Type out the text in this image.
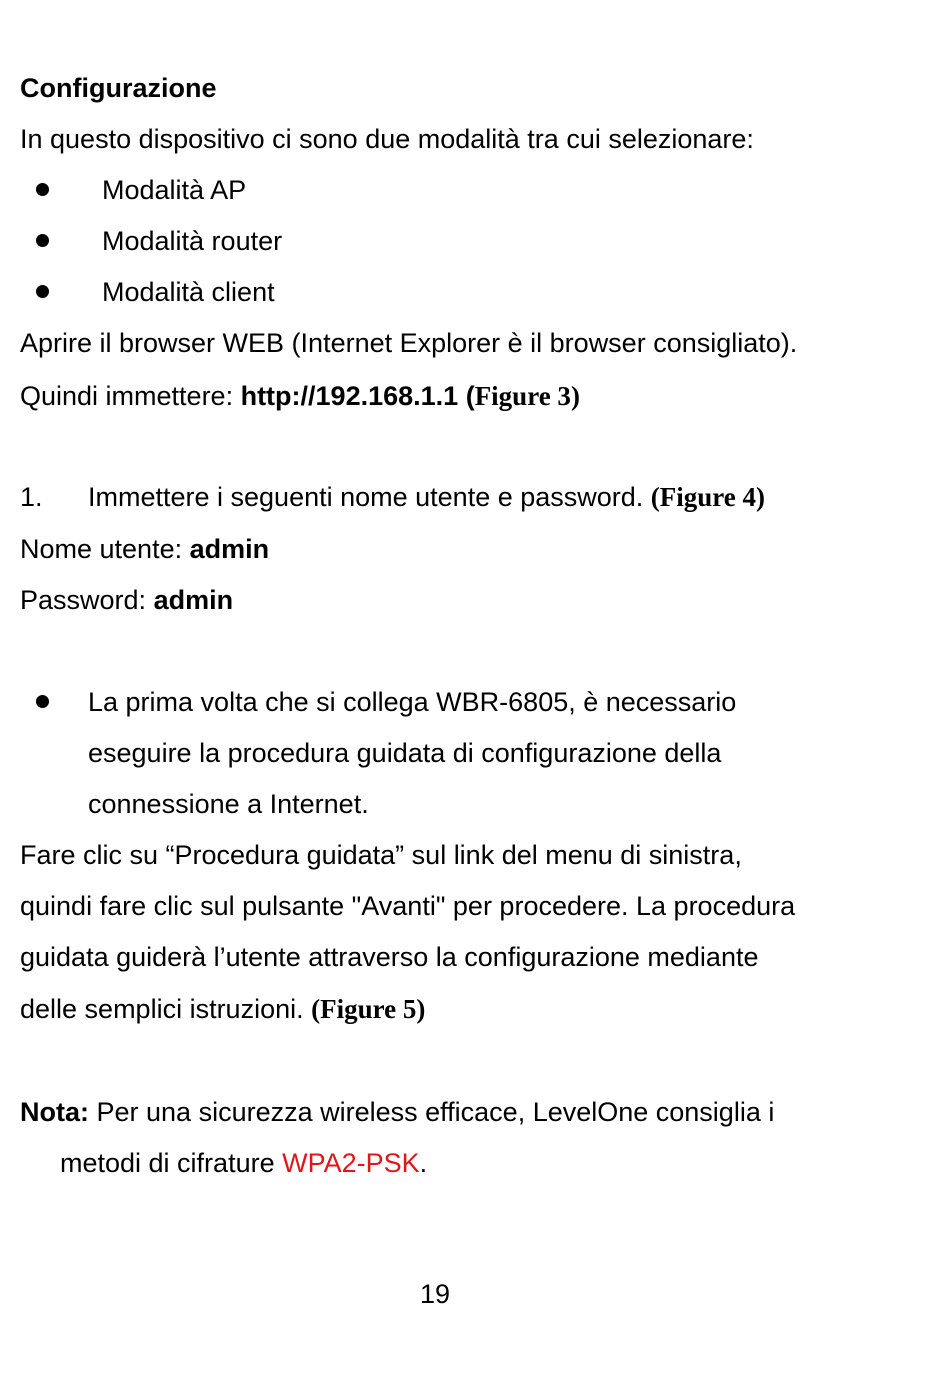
Configurazione
In questo dispositivo ci sono due modalità tra cui selezionare:
Modalità AP
Modalità router
Modalità client
Aprire il browser WEB (Internet Explorer è il browser consigliato).
Quindi immettere: http://192.168.1.1 (Figure 3)
1. Immettere i seguenti nome utente e password. (Figure 4)
Nome utente: admin
Password: admin
La prima volta che si collega WBR-6805, è necessario
eseguire la procedura guidata di configurazione della
connessione a Internet.
Fare clic su “Procedura guidata” sul link del menu di sinistra,
quindi fare clic sul pulsante "Avanti" per procedere. La procedura
guidata guiderà l’utente attraverso la configurazione mediante
delle semplici istruzioni. (Figure 5)
Nota: Per una sicurezza wireless efficace, LevelOne consiglia i
metodi di cifrature WPA2-PSK.
19
